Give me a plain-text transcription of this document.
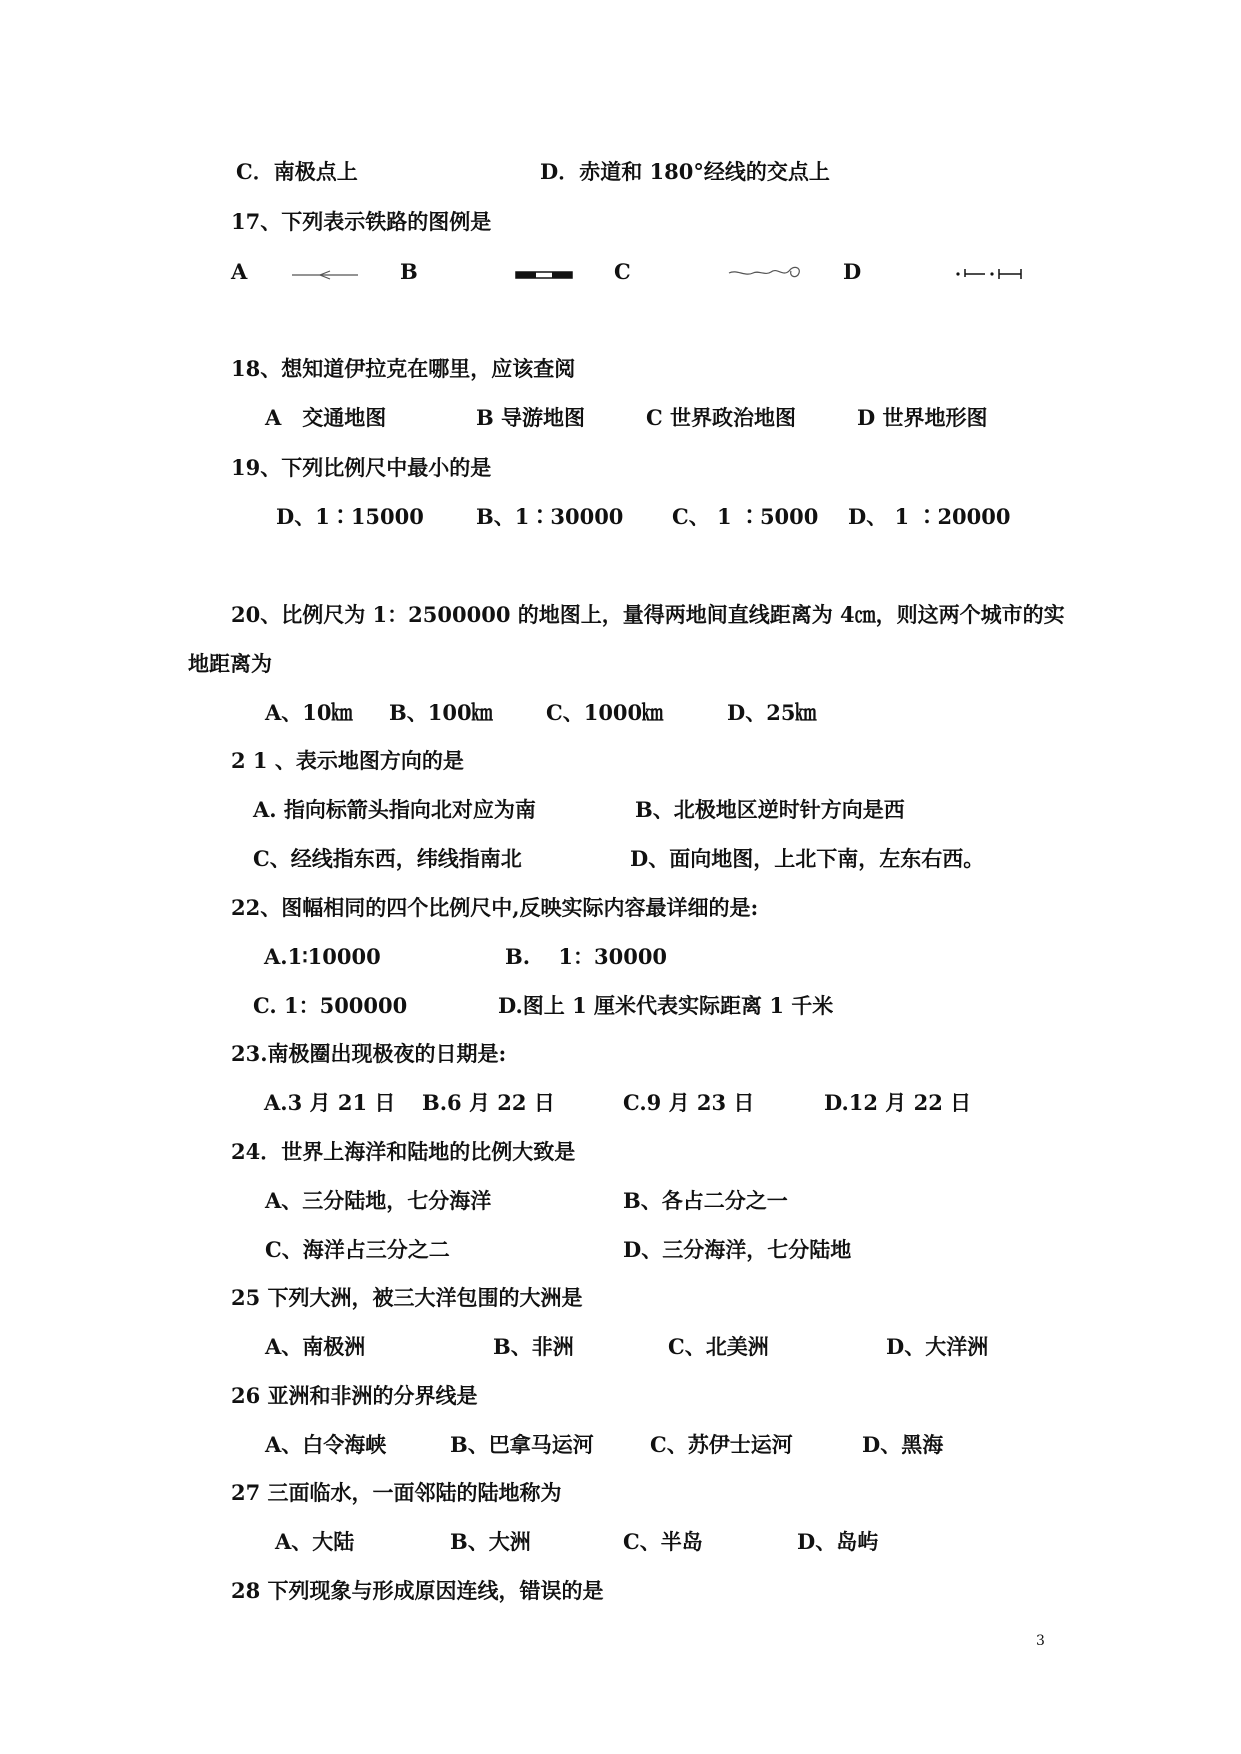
C．南极点上	D．赤道和 180°经线的交点上
17、下列表示铁路的图例是
A	B	C	D
18、想知道伊拉克在哪里，应该查阅
A　交通地图	B 导游地图	C 世界政治地图	D 世界地形图
19、下列比例尺中最小的是
D、1∶15000 B、1∶30000 C、 1 ∶5000 D、 1 ∶20000
20、比例尺为 1：2500000 的地图上，量得两地间直线距离为 4㎝，则这两个城市的实
地距离为
A、10㎞ B、100㎞	C、1000㎞	D、25㎞
2 1 、表示地图方向的是
A. 指向标箭头指向北对应为南	B、北极地区逆时针方向是西
C、经线指东西，纬线指南北	D、面向地图，上北下南，左东右西。
22、图幅相同的四个比例尺中,反映实际内容最详细的是:
A.1∶10000	B.　 1：30000
C. 1：500000	D.图上 1 厘米代表实际距离 1 千米
23.南极圈出现极夜的日期是:
A.3 月 21 日 B.6 月 22 日	C.9 月 23 日	D.12 月 22 日
24．世界上海洋和陆地的比例大致是
A、三分陆地，七分海洋	B、各占二分之一
C、海洋占三分之二	D、三分海洋，七分陆地
25 下列大洲，被三大洋包围的大洲是
A、南极洲	B、非洲	C、北美洲	D、大洋洲
26 亚洲和非洲的分界线是
A、白令海峡	B、巴拿马运河	C、苏伊士运河	D、黑海
27 三面临水，一面邻陆的陆地称为
A、大陆	B、大洲	C、半岛	D、岛屿
28 下列现象与形成原因连线，错误的是
3
